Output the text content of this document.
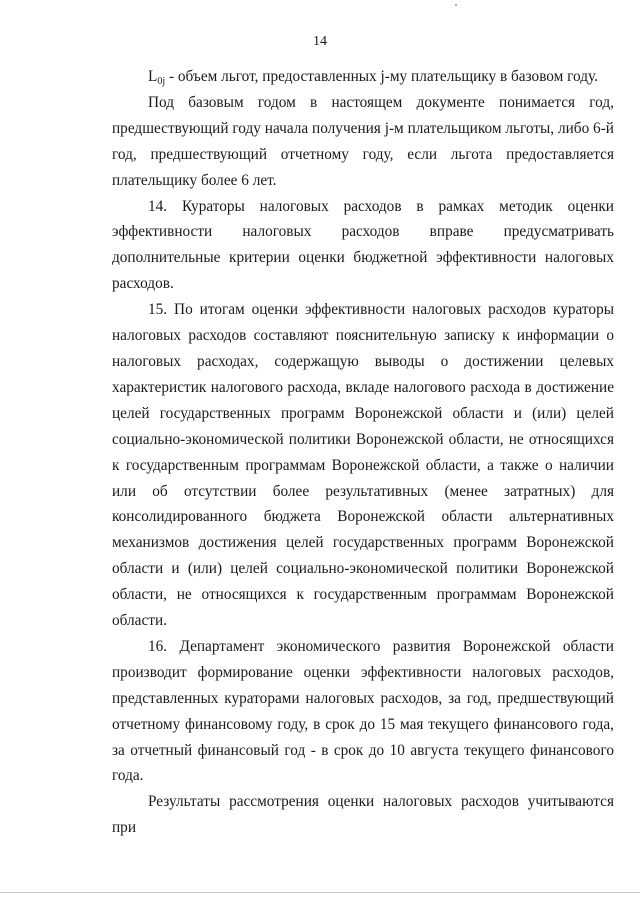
14

$L_{0j}$ - объем льгот, предоставленных j-му плательщику в базовом году.

Под базовым годом в настоящем документе понимается год, предшествующий году начала получения j-м плательщиком льготы, либо 6-й год, предшествующий отчетному году, если льгота предоставляется плательщику более 6 лет.

14. Кураторы налоговых расходов в рамках методик оценки эффективности налоговых расходов вправе предусматривать дополнительные критерии оценки бюджетной эффективности налоговых расходов.

15. По итогам оценки эффективности налоговых расходов кураторы налоговых расходов составляют пояснительную записку к информации о налоговых расходах, содержащую выводы о достижении целевых характеристик налогового расхода, вкладе налогового расхода в достижение целей государственных программ Воронежской области и (или) целей социально-экономической политики Воронежской области, не относящихся к государственным программам Воронежской области, а также о наличии или об отсутствии более результативных (менее затратных) для консолидированного бюджета Воронежской области альтернативных механизмов достижения целей государственных программ Воронежской области и (или) целей социально-экономической политики Воронежской области, не относящихся к государственным программам Воронежской области.

16. Департамент экономического развития Воронежской области производит формирование оценки эффективности налоговых расходов, представленных кураторами налоговых расходов, за год, предшествующий отчетному финансовому году, в срок до 15 мая текущего финансового года, за отчетный финансовый год - в срок до 10 августа текущего финансового года.

Результаты рассмотрения оценки налоговых расходов учитываются при
